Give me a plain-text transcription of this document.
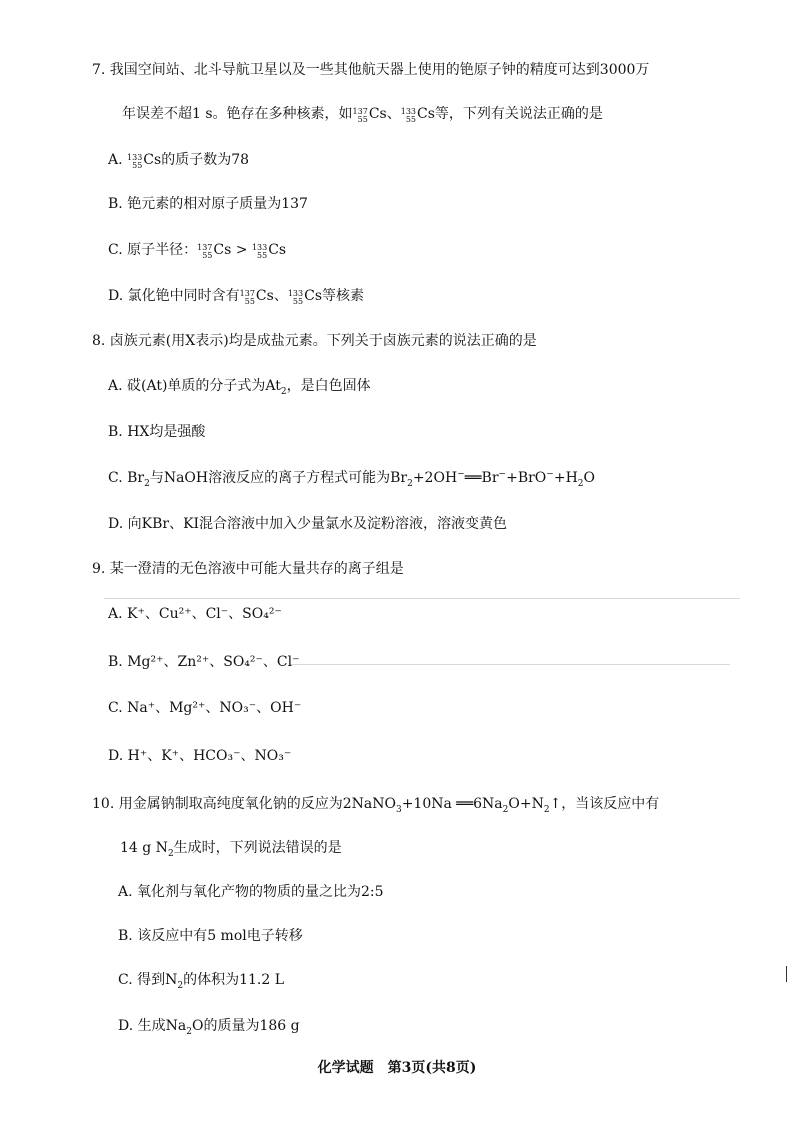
7. 我国空间站、北斗导航卫星以及一些其他航天器上使用的铯原子钟的精度可达到3000万
年误差不超1 s。铯存在多种核素，如 137
55 Cs、 133
55 Cs等，下列有关说法正确的是
A. 133
55 Cs的质子数为78
B. 铯元素的相对原子质量为137
C. 原子半径： 137
55 Cs > 133
55 Cs
D. 氯化铯中同时含有 137
55 Cs、 133
55 Cs等核素
8. 卤族元素(用X表示)均是成盐元素。下列关于卤族元素的说法正确的是
A. 砹(At)单质的分子式为$At_2$，是白色固体
B. HX均是强酸
C. $Br_2$与NaOH溶液反应的离子方程式可能为$Br_2+2OH^-══Br^-+BrO^-+H_2O$
D. 向KBr、KI混合溶液中加入少量氯水及淀粉溶液，溶液变黄色
9. 某一澄清的无色溶液中可能大量共存的离子组是
A. K⁺、Cu²⁺、Cl⁻、SO₄²⁻
B. Mg²⁺、Zn²⁺、SO₄²⁻、Cl⁻
C. Na⁺、Mg²⁺、NO₃⁻、OH⁻
D. H⁺、K⁺、HCO₃⁻、NO₃⁻
10. 用金属钠制取高纯度氧化钠的反应为2NaNO$_3$+10Na $══6Na_2O+N_2↑$，当该反应中有
14 g $N_2$生成时，下列说法错误的是
A. 氧化剂与氧化产物的物质的量之比为2:5
B. 该反应中有5 mol电子转移
C. 得到$N_2$的体积为11.2 L
D. 生成$Na_2O$的质量为186 g
化学试题　第3页(共8页)
